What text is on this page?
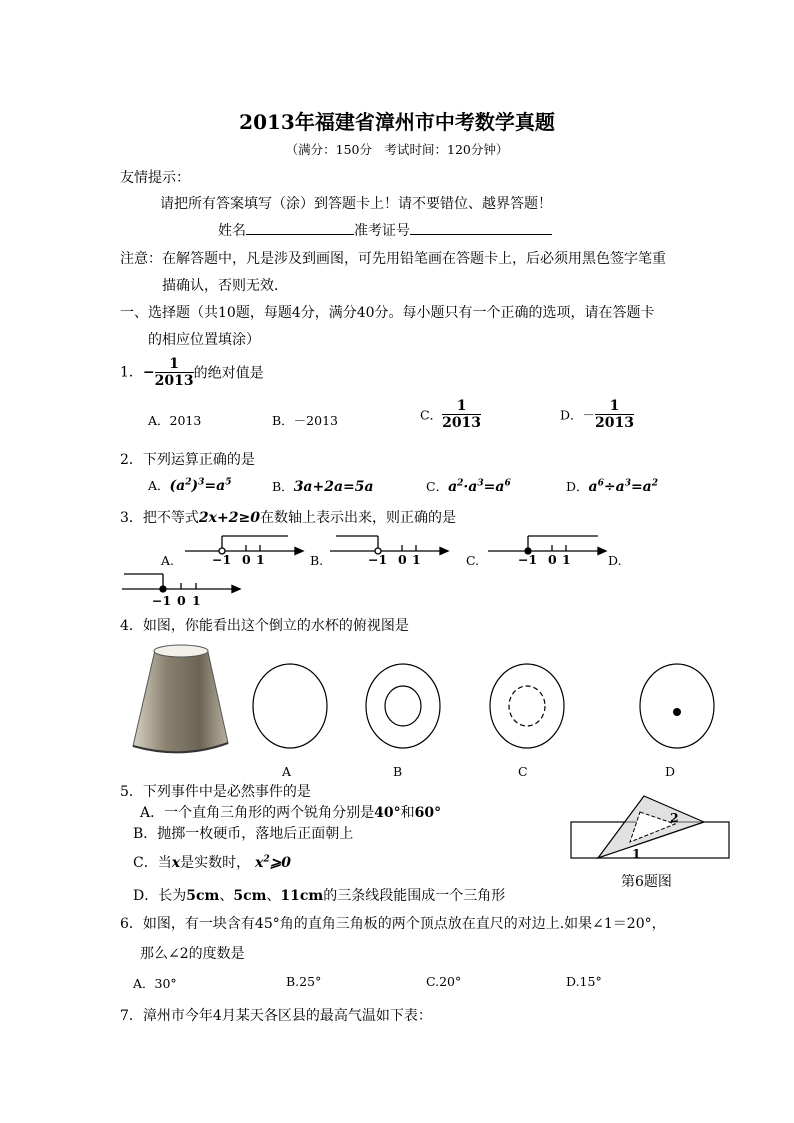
2013年福建省漳州市中考数学真题
（满分：150分　考试时间：120分钟）
友情提示：
请把所有答案填写（涂）到答题卡上！请不要错位、越界答题！
姓名	准考证号
注意：在解答题中，凡是涉及到画图，可先用铅笔画在答题卡上，后必须用黑色签字笔重
描确认，否则无效．
一、选择题（共10题，每题4分，满分40分。每小题只有一个正确的选项，请在答题卡
的相应位置填涂）
1．− $\frac{1}{2013}$ 的绝对值是
A．2013	B．－2013	C． $\frac{1}{2013}$	D．－ $\frac{1}{2013}$
2．下列运算正确的是
A．$(a^2)^3=a^5$	B．3a+2a=5a	C．$a^2\cdot a^3=a^6$	D．$a^6\div a^3=a^2$
3．把不等式2x+2≥0在数轴上表示出来，则正确的是
A.	B.	C.	D.
−1 0 1	−1 0 1	−1 0 1
−1 0 1
4．如图，你能看出这个倒立的水杯的俯视图是
A	B	C	D
5．下列事件中是必然事件的是
A．一个直角三角形的两个锐角分别是40°和60°
B．抛掷一枚硬币，落地后正面朝上
C．当x是实数时， $x^2⩾0$
D．长为5cm、5cm、11cm的三条线段能围成一个三角形
2
1
第6题图
6．如图，有一块含有45°角的直角三角板的两个顶点放在直尺的对边上.如果∠1＝20°，
那么∠2的度数是
A．30°	B.25°	C.20°	D.15°
7．漳州市今年4月某天各区县的最高气温如下表：
